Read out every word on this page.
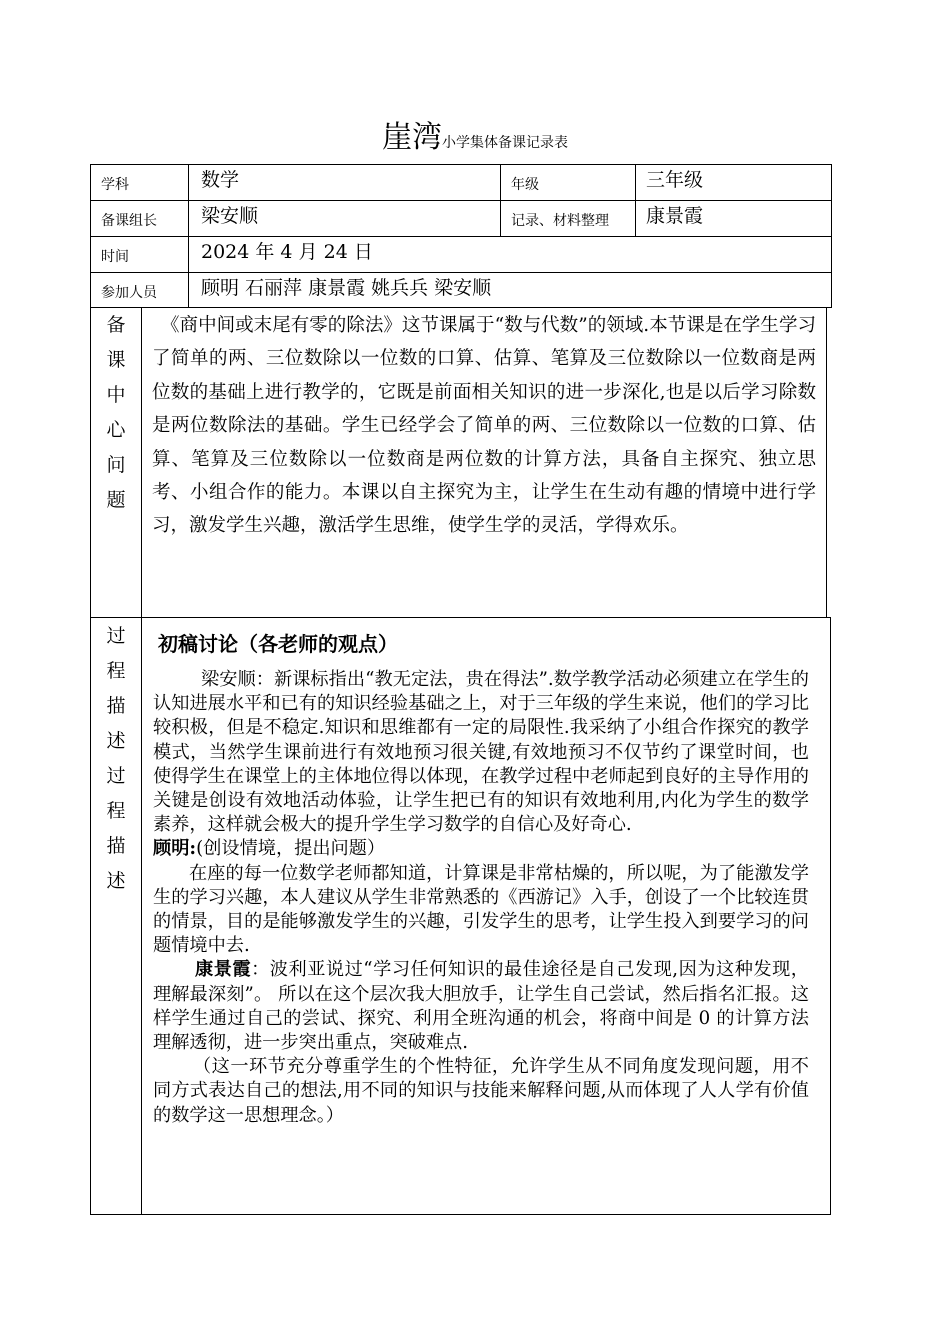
崖湾小学集体备课记录表
学科	数学	年级	三年级
备课组长 梁安顺	记录、材料整理 康景霞
时间	2024 年 4 月 24 日
参加人员 顾明 石丽萍 康景霞 姚兵兵 梁安顺
备
课
中
心
问
题
《商中间或末尾有零的除法》这节课属于“数与代数”的领域.本节课是在学生学习了简单的两、三位数除以一位数的口算、估算、笔算及三位数除以一位数商是两位数的基础上进行教学的，它既是前面相关知识的进一步深化,也是以后学习除数是两位数除法的基础。学生已经学会了简单的两、三位数除以一位数的口算、估算、笔算及三位数除以一位数商是两位数的计算方法，具备自主探究、独立思考、小组合作的能力。本课以自主探究为主，让学生在生动有趣的情境中进行学习，激发学生兴趣，激活学生思维，使学生学的灵活，学得欢乐。
过
程
描
述
过
程
描
述
初稿讨论（各老师的观点）

梁安顺：新课标指出“教无定法，贵在得法”.数学教学活动必须建立在学生的认知进展水平和已有的知识经验基础之上，对于三年级的学生来说，他们的学习比较积极，但是不稳定.知识和思维都有一定的局限性.我采纳了小组合作探究的教学模式，当然学生课前进行有效地预习很关键,有效地预习不仅节约了课堂时间，也使得学生在课堂上的主体地位得以体现，在教学过程中老师起到良好的主导作用的关键是创设有效地活动体验，让学生把已有的知识有效地利用,内化为学生的数学素养，这样就会极大的提升学生学习数学的自信心及好奇心.

顾明:(创设情境，提出问题）

在座的每一位数学老师都知道，计算课是非常枯燥的，所以呢，为了能激发学生的学习兴趣，本人建议从学生非常熟悉的《西游记》入手，创设了一个比较连贯的情景，目的是能够激发学生的兴趣，引发学生的思考，让学生投入到要学习的问题情境中去.

康景霞：波利亚说过“学习任何知识的最佳途径是自己发现,因为这种发现，理解最深刻”。 所以在这个层次我大胆放手，让学生自己尝试，然后指名汇报。这样学生通过自己的尝试、探究、利用全班沟通的机会，将商中间是 0 的计算方法理解透彻，进一步突出重点，突破难点.

（这一环节充分尊重学生的个性特征，允许学生从不同角度发现问题，用不同方式表达自己的想法,用不同的知识与技能来解释问题,从而体现了人人学有价值的数学这一思想理念。）
